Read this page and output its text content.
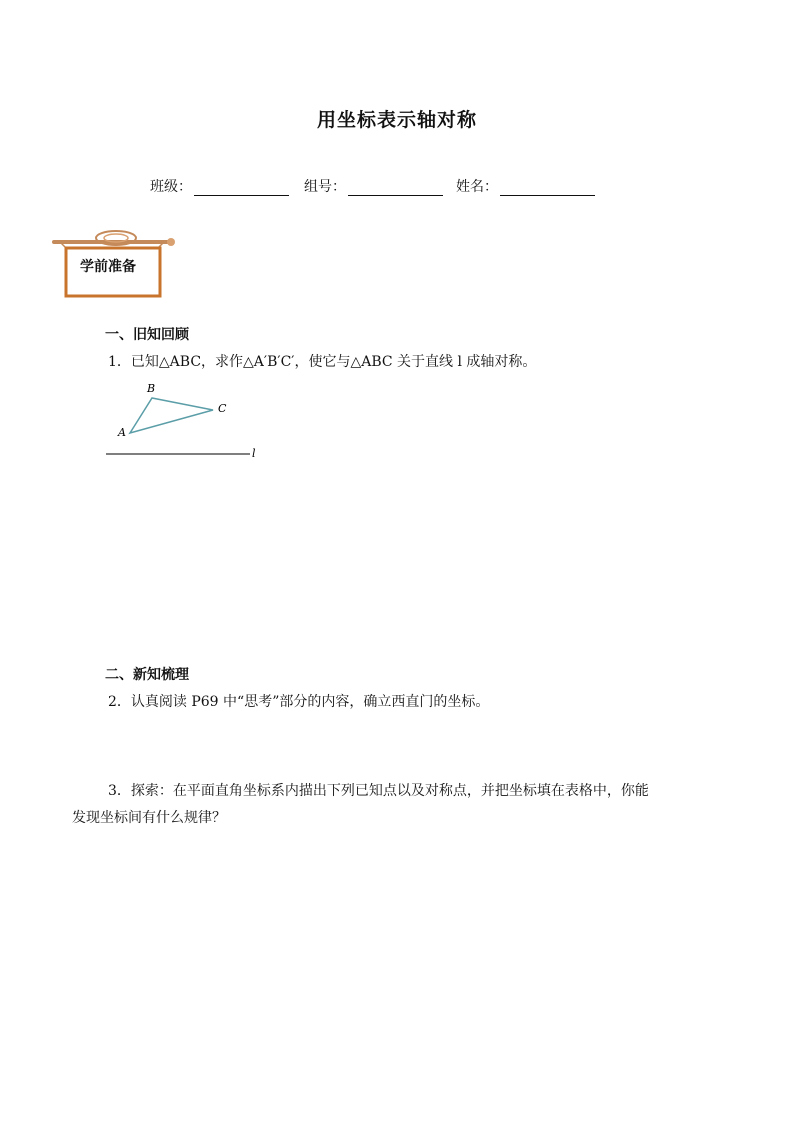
用坐标表示轴对称
班级：	组号：	姓名：
学前准备
一、旧知回顾
1．已知△ABC，求作△A′B′C′，使它与△ABC 关于直线 l 成轴对称。
A
B
C
l
二、新知梳理
2．认真阅读 P69 中“思考”部分的内容，确立西直门的坐标。
3．探索：在平面直角坐标系内描出下列已知点以及对称点，并把坐标填在表格中，你能
发现坐标间有什么规律？
